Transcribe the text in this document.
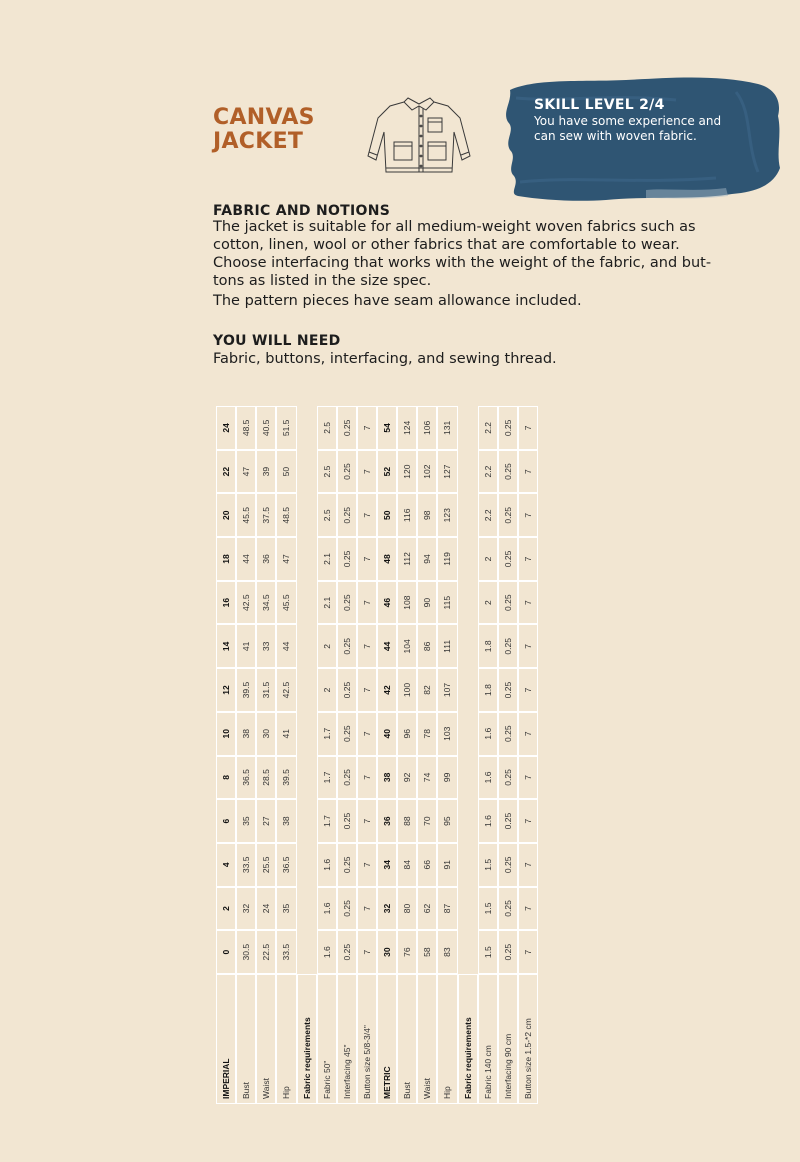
CANVAS
JACKET
SKILL LEVEL 2/4
You have some experience and can sew with woven fabric.
FABRIC AND NOTIONS

The jacket is suitable for all medium-weight woven fabrics such as

cotton, linen, wool or other fabrics that are comfortable to wear.

Choose interfacing that works with the weight of the fabric, and but-

tons as listed in the size spec.

The pattern pieces have seam allowance included.

YOU WILL NEED
Fabric, buttons, interfacing, and sewing thread.
IMPERIAL	0	2	4	6	8	10	12	14	16	18	20	22	24
Bust	30.5	32	33.5	35	36.5	38	39.5	41	42.5	44	45.5	47	48.5
Waist	22.5	24	25.5	27	28.5	30	31.5	33	34.5	36	37.5	39	40.5
Hip	33.5	35	36.5	38	39.5	41	42.5	44	45.5	47	48.5	50	51.5
Fabric requirements													
Fabric 50"	1.6	1.6	1.6	1.7	1.7	1.7	2	2	2.1	2.1	2.5	2.5	2.5
Interfacing 45"	0.25	0.25	0.25	0.25	0.25	0.25	0.25	0.25	0.25	0.25	0.25	0.25	0.25
Button size 5/8-3/4"	7	7	7	7	7	7	7	7	7	7	7	7	7
METRIC	30	32	34	36	38	40	42	44	46	48	50	52	54
Bust	76	80	84	88	92	96	100	104	108	112	116	120	124
Waist	58	62	66	70	74	78	82	86	90	94	98	102	106
Hip	83	87	91	95	99	103	107	111	115	119	123	127	131
Fabric requirements													
Fabric 140 cm	1.5	1.5	1.5	1.6	1.6	1.6	1.8	1.8	2	2	2.2	2.2	2.2
Interfacing 90 cm	0.25	0.25	0.25	0.25	0.25	0.25	0.25	0.25	0.25	0.25	0.25	0.25	0.25
Button size 1.5-*2 cm	7	7	7	7	7	7	7	7	7	7	7	7	7
